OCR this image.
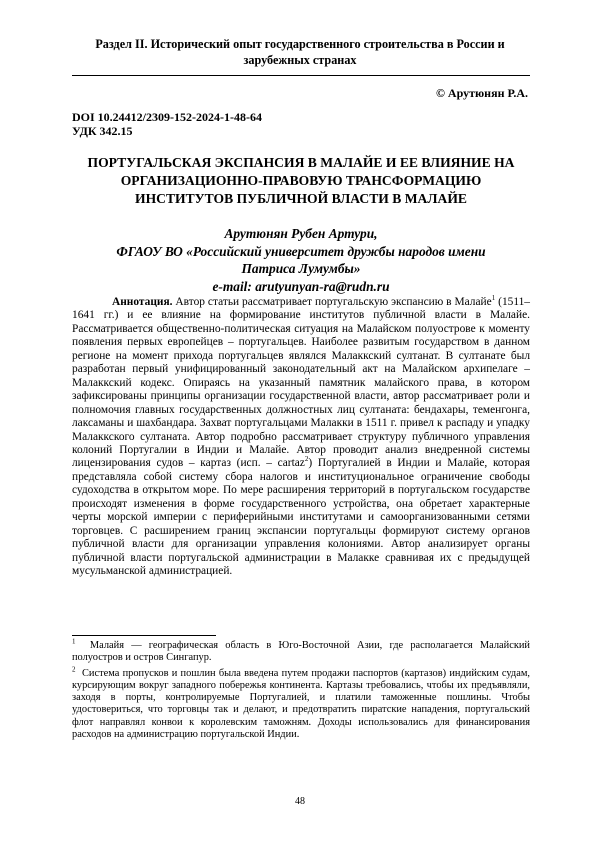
Раздел II. Исторический опыт государственного строительства в России и зарубежных странах
© Арутюнян Р.А.
DOI 10.24412/2309-152-2024-1-48-64
УДК 342.15
ПОРТУГАЛЬСКАЯ ЭКСПАНСИЯ В МАЛАЙЕ И ЕЕ ВЛИЯНИЕ НА ОРГАНИЗАЦИОННО-ПРАВОВУЮ ТРАНСФОРМАЦИЮ ИНСТИТУТОВ ПУБЛИЧНОЙ ВЛАСТИ В МАЛАЙЕ
Арутюнян Рубен Артури,
ФГАОУ ВО «Российский университет дружбы народов имени
Патриса Лумумбы»
e-mail: arutyunyan-ra@rudn.ru
Аннотация. Автор статьи рассматривает португальскую экспансию в Малайе$^1$ (1511–1641 гг.) и ее влияние на формирование институтов публичной власти в Малайе. Рассматривается общественно-политическая ситуация на Малайском полуострове к моменту появления первых европейцев – португальцев. Наиболее развитым государством в данном регионе на момент прихода португальцев являлся Малаккский султанат. В султанате был разработан первый унифицированный законодательный акт на Малайском архипелаге – Малаккский кодекс. Опираясь на указанный памятник малайского права, в котором зафиксированы принципы организации государственной власти, автор рассматривает роли и полномочия главных государственных должностных лиц султаната: бендахары, теменгонга, лаксаманы и шахбандара. Захват португальцами Малакки в 1511 г. привел к распаду и упадку Малаккского султаната. Автор подробно рассматривает структуру публичного управления колоний Португалии в Индии и Малайе. Автор проводит анализ внедренной системы лицензирования судов – картаз (исп. – cartaz$^2$) Португалией в Индии и Малайе, которая представляла собой систему сбора налогов и институциональное ограничение свободы судоходства в открытом море. По мере расширения территорий в португальском государстве происходят изменения в форме государственного устройства, она обретает характерные черты морской империи с периферийными институтами и самоорганизованными сетями торговцев. С расширением границ экспансии португальцы формируют систему органов публичной власти для организации управления колониями. Автор анализирует органы публичной власти португальской администрации в Малакке сравнивая их с предыдущей мусульманской администрацией.

$^1$ Малайя — географическая область в Юго-Восточной Азии, где располагается Малайский полуостров и остров Сингапур.

$^2$ Система пропусков и пошлин была введена путем продажи паспортов (картазов) индийским судам, курсирующим вокруг западного побережья континента. Картазы требовались, чтобы их предъявляли, заходя в порты, контролируемые Португалией, и платили таможенные пошлины. Чтобы удостовериться, что торговцы так и делают, и предотвратить пиратские нападения, португальский флот направлял конвои к королевским таможням. Доходы использовались для финансирования расходов на администрацию португальской Индии.

48
